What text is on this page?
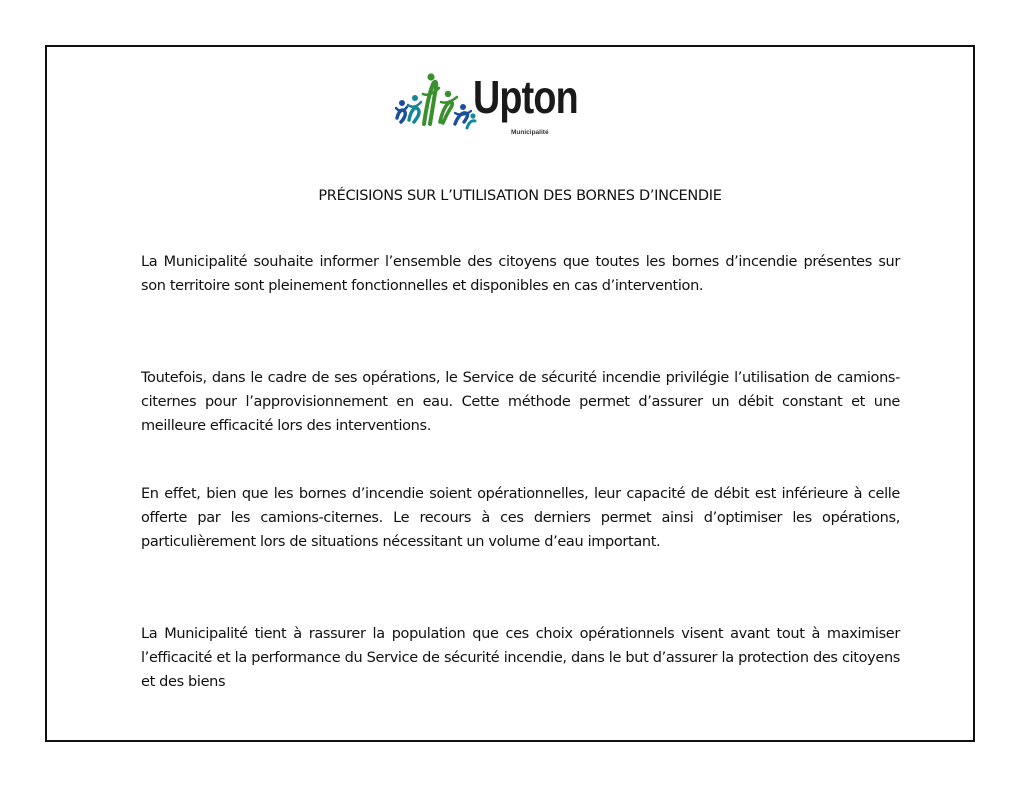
Upton
Municipalité
PRÉCISIONS SUR L’UTILISATION DES BORNES D’INCENDIE

La Municipalité souhaite informer l’ensemble des citoyens que toutes les bornes d’incendie présentes sur son territoire sont pleinement fonctionnelles et disponibles en cas d’intervention.

Toutefois, dans le cadre de ses opérations, le Service de sécurité incendie privilégie l’utilisation de camions-citernes pour l’approvisionnement en eau. Cette méthode permet d’assurer un débit constant et une meilleure efficacité lors des interventions.

En effet, bien que les bornes d’incendie soient opérationnelles, leur capacité de débit est inférieure à celle offerte par les camions-citernes. Le recours à ces derniers permet ainsi d’optimiser les opérations, particulièrement lors de situations nécessitant un volume d’eau important.

La Municipalité tient à rassurer la population que ces choix opérationnels visent avant tout à maximiser l’efficacité et la performance du Service de sécurité incendie, dans le but d’assurer la protection des citoyens et des biens
